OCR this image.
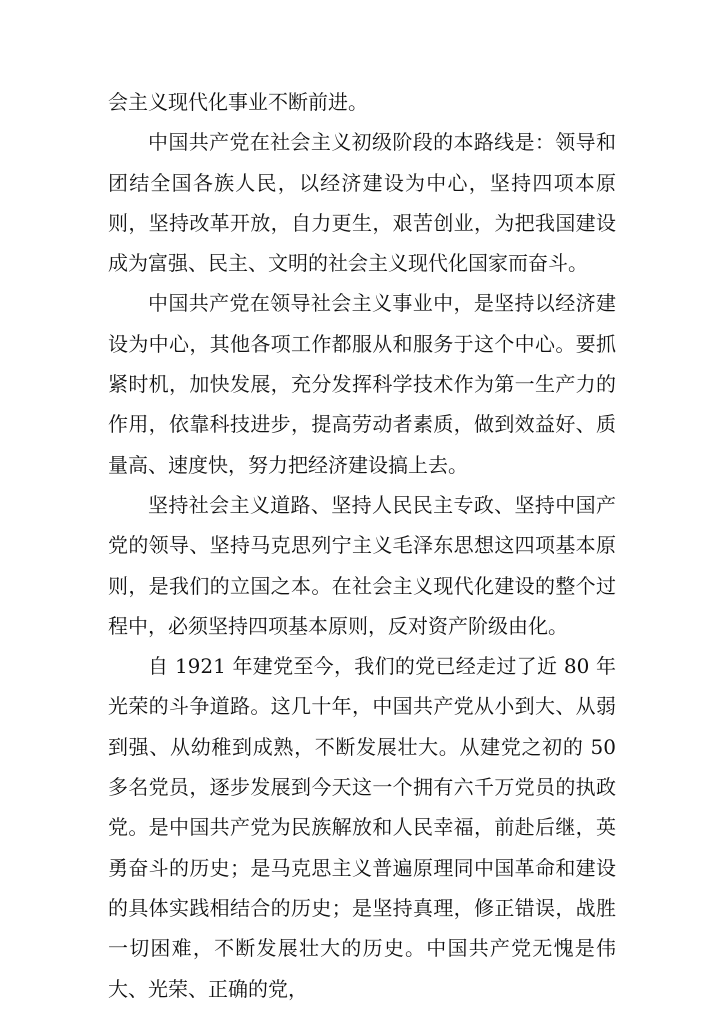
会主义现代化事业不断前进。

中国共产党在社会主义初级阶段的本路线是：领导和团结全国各族人民，以经济建设为中心，坚持四项本原则，坚持改革开放，自力更生，艰苦创业，为把我国建设成为富强、民主、文明的社会主义现代化国家而奋斗。

中国共产党在领导社会主义事业中，是坚持以经济建设为中心，其他各项工作都服从和服务于这个中心。要抓紧时机，加快发展，充分发挥科学技术作为第一生产力的作用，依靠科技进步，提高劳动者素质，做到效益好、质量高、速度快，努力把经济建设搞上去。

坚持社会主义道路、坚持人民民主专政、坚持中国产党的领导、坚持马克思列宁主义毛泽东思想这四项基本原则，是我们的立国之本。在社会主义现代化建设的整个过程中，必须坚持四项基本原则，反对资产阶级由化。

自 1921 年建党至今，我们的党已经走过了近 80 年光荣的斗争道路。这几十年，中国共产党从小到大、从弱到强、从幼稚到成熟，不断发展壮大。从建党之初的 50 多名党员，逐步发展到今天这一个拥有六千万党员的执政党。是中国共产党为民族解放和人民幸福，前赴后继，英勇奋斗的历史；是马克思主义普遍原理同中国革命和建设的具体实践相结合的历史；是坚持真理，修正错误，战胜一切困难，不断发展壮大的历史。中国共产党无愧是伟大、光荣、正确的党，
